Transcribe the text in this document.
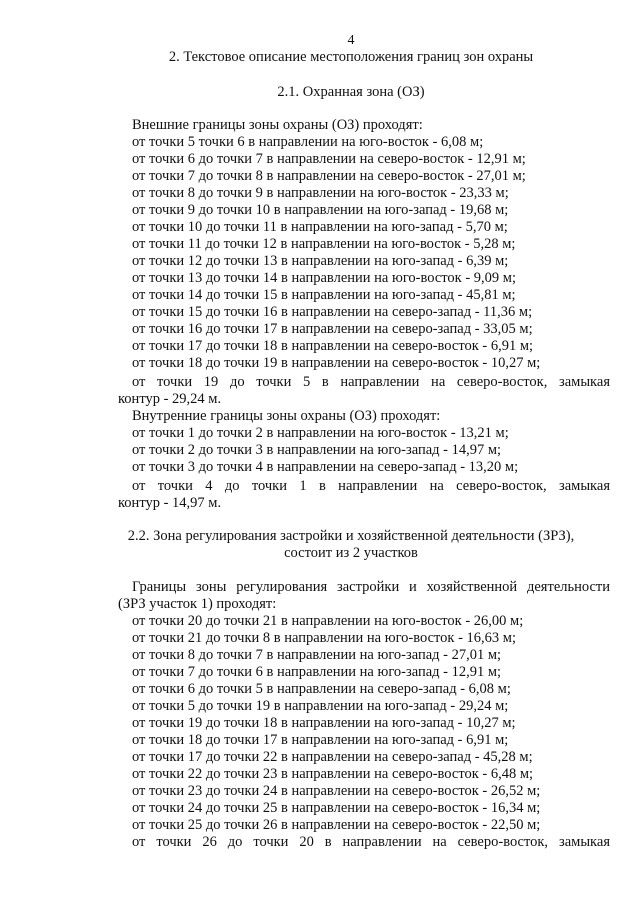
4
2. Текстовое описание местоположения границ зон охраны
2.1. Охранная зона (ОЗ)
Внешние границы зоны охраны (ОЗ) проходят:
от точки 5 точки 6 в направлении на юго-восток - 6,08 м;
от точки 6 до точки 7 в направлении на северо-восток - 12,91 м;
от точки 7 до точки 8 в направлении на северо-восток - 27,01 м;
от точки 8 до точки 9 в направлении на юго-восток - 23,33 м;
от точки 9 до точки 10 в направлении на юго-запад - 19,68 м;
от точки 10 до точки 11 в направлении на юго-запад - 5,70 м;
от точки 11 до точки 12 в направлении на юго-восток - 5,28 м;
от точки 12 до точки 13 в направлении на юго-запад - 6,39 м;
от точки 13 до точки 14 в направлении на юго-восток - 9,09 м;
от точки 14 до точки 15 в направлении на юго-запад - 45,81 м;
от точки 15 до точки 16 в направлении на северо-запад - 11,36 м;
от точки 16 до точки 17 в направлении на северо-запад - 33,05 м;
от точки 17 до точки 18 в направлении на северо-восток - 6,91 м;
от точки 18 до точки 19 в направлении на северо-восток - 10,27 м;
от точки 19 до точки 5 в направлении на северо-восток, замыкая
контур - 29,24 м.
Внутренние границы зоны охраны (ОЗ) проходят:
от точки 1 до точки 2 в направлении на юго-восток - 13,21 м;
от точки 2 до точки 3 в направлении на юго-запад - 14,97 м;
от точки 3 до точки 4 в направлении на северо-запад - 13,20 м;
от точки 4 до точки 1 в направлении на северо-восток, замыкая
контур - 14,97 м.
2.2. Зона регулирования застройки и хозяйственной деятельности (ЗРЗ),
состоит из 2 участков
Границы зоны регулирования застройки и хозяйственной деятельности
(ЗРЗ участок 1) проходят:
от точки 20 до точки 21 в направлении на юго-восток - 26,00 м;
от точки 21 до точки 8 в направлении на юго-восток - 16,63 м;
от точки 8 до точки 7 в направлении на юго-запад - 27,01 м;
от точки 7 до точки 6 в направлении на юго-запад - 12,91 м;
от точки 6 до точки 5 в направлении на северо-запад - 6,08 м;
от точки 5 до точки 19 в направлении на юго-запад - 29,24 м;
от точки 19 до точки 18 в направлении на юго-запад - 10,27 м;
от точки 18 до точки 17 в направлении на юго-запад - 6,91 м;
от точки 17 до точки 22 в направлении на северо-запад - 45,28 м;
от точки 22 до точки 23 в направлении на северо-восток - 6,48 м;
от точки 23 до точки 24 в направлении на северо-восток - 26,52 м;
от точки 24 до точки 25 в направлении на северо-восток - 16,34 м;
от точки 25 до точки 26 в направлении на северо-восток - 22,50 м;
от точки 26 до точки 20 в направлении на северо-восток, замыкая
